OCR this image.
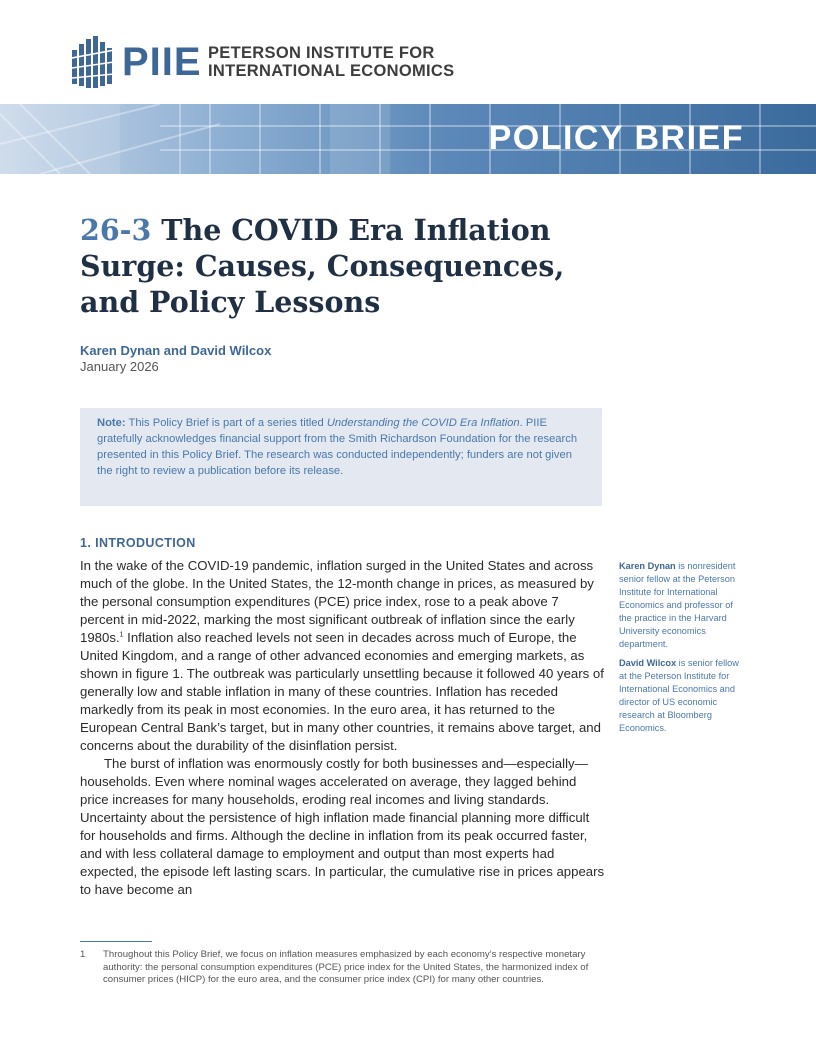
PIIE PETERSON INSTITUTE FOR
INTERNATIONAL ECONOMICS
POLICY BRIEF
26-3 The COVID Era Inflation Surge: Causes, Consequences, and Policy Lessons
Karen Dynan and David Wilcox
January 2026
Note: This Policy Brief is part of a series titled Understanding the COVID Era Inflation. PIIE gratefully acknowledges financial support from the Smith Richardson Foundation for the research presented in this Policy Brief. The research was conducted independently; funders are not given the right to review a publication before its release.
1. INTRODUCTION

In the wake of the COVID-19 pandemic, inflation surged in the United States and across much of the globe. In the United States, the 12-month change in prices, as measured by the personal consumption expenditures (PCE) price index, rose to a peak above 7 percent in mid-2022, marking the most significant outbreak of inflation since the early 1980s.$^1$ Inflation also reached levels not seen in decades across much of Europe, the United Kingdom, and a range of other advanced economies and emerging markets, as shown in figure 1. The outbreak was particularly unsettling because it followed 40 years of generally low and stable inflation in many of these countries. Inflation has receded markedly from its peak in most economies. In the euro area, it has returned to the European Central Bank’s target, but in many other countries, it remains above target, and concerns about the durability of the disinflation persist.

The burst of inflation was enormously costly for both businesses and—especially—households. Even where nominal wages accelerated on average, they lagged behind price increases for many households, eroding real incomes and living standards. Uncertainty about the persistence of high inflation made financial planning more difficult for households and firms. Although the decline in inflation from its peak occurred faster, and with less collateral damage to employment and output than most experts had expected, the episode left lasting scars. In particular, the cumulative rise in prices appears to have become an

Karen Dynan is nonresident senior fellow at the Peterson Institute for International Economics and professor of the practice in the Harvard University economics department.

David Wilcox is senior fellow at the Peterson Institute for International Economics and director of US economic research at Bloomberg Economics.

1 Throughout this Policy Brief, we focus on inflation measures emphasized by each economy’s respective monetary authority: the personal consumption expenditures (PCE) price index for the United States, the harmonized index of consumer prices (HICP) for the euro area, and the consumer price index (CPI) for many other countries.
